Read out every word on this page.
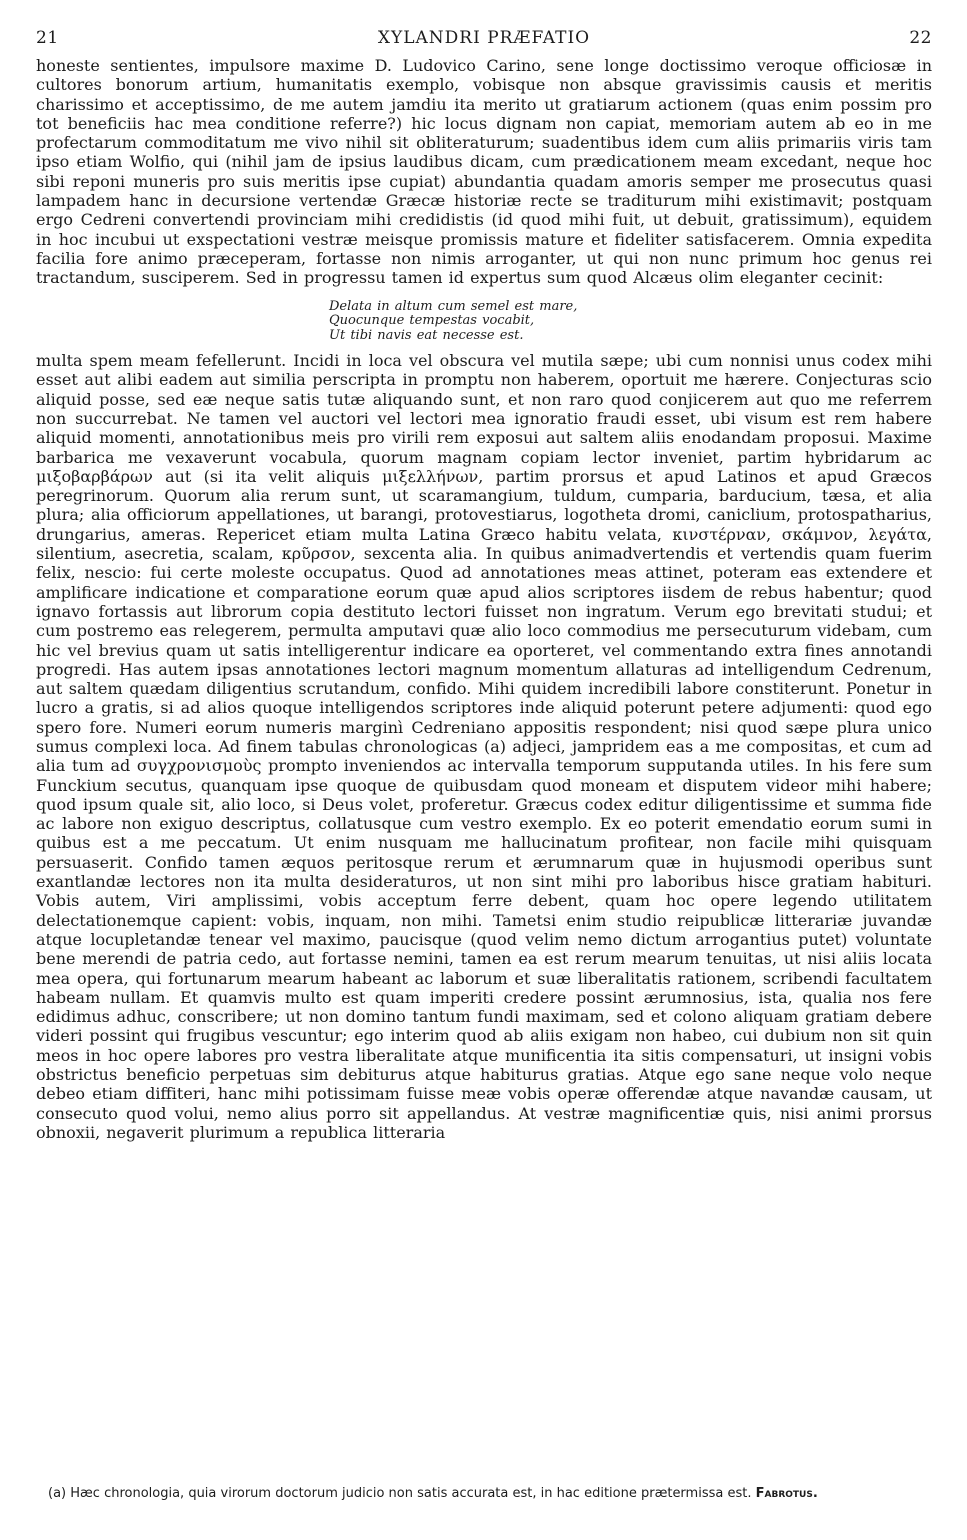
21	XYLANDRI PRÆFATIO	22

honeste sentientes, impulsore maxime D. Ludovico Carino, sene longe doctissimo veroque officiosæ in cultores bonorum artium, humanitatis exemplo, vobisque non absque gravissimis causis et meritis charissimo et acceptissimo, de me autem jamdiu ita merito ut gratiarum actionem (quas enim possim pro tot beneficiis hac mea conditione referre?) hic locus dignam non capiat, memoriam autem ab eo in me profectarum commoditatum me vivo nihil sit obliteraturum; suadentibus idem cum aliis primariis viris tam ipso etiam Wolfio, qui (nihil jam de ipsius laudibus dicam, cum prædicationem meam excedant, neque hoc sibi reponi muneris pro suis meritis ipse cupiat) abundantia quadam amoris semper me prosecutus quasi lampadem hanc in decursione vertendæ Græcæ historiæ recte se traditurum mihi existimavit; postquam ergo Cedreni convertendi provinciam mihi credidistis (id quod mihi fuit, ut debuit, gratissimum), equidem in hoc incubui ut exspectationi vestræ meisque promissis mature et fideliter satisfacerem. Omnia expedita facilia fore animo præceperam, fortasse non nimis arroganter, ut qui non nunc primum hoc genus rei tractandum, susciperem. Sed in progressu tamen id expertus sum quod Alcæus olim eleganter cecinit:

Delata in altum cum semel est mare,
Quocunque tempestas vocabit,
Ut tibi navis eat necesse est.

multa spem meam fefellerunt. Incidi in loca vel obscura vel mutila sæpe; ubi cum nonnisi unus codex mihi esset aut alibi eadem aut similia perscripta in promptu non haberem, oportuit me hærere. Conjecturas scio aliquid posse, sed eæ neque satis tutæ aliquando sunt, et non raro quod conjicerem aut quo me referrem non succurrebat. Ne tamen vel auctori vel lectori mea ignoratio fraudi esset, ubi visum est rem habere aliquid momenti, annotationibus meis pro virili rem exposui aut saltem aliis enodandam proposui. Maxime barbarica me vexaverunt vocabula, quorum magnam copiam lector inveniet, partim hybridarum ac μιξοβαρβάρων aut (si ita velit aliquis μιξελλήνων, partim prorsus et apud Latinos et apud Græcos peregrinorum. Quorum alia rerum sunt, ut scaramangium, tuldum, cumparia, barducium, tæsa, et alia plura; alia officiorum appellationes, ut barangi, protovestiarus, logotheta dromi, caniclium, protospatharius, drungarius, ameras. Repericet etiam multa Latina Græco habitu velata, κινστέρναν, σκάμνον, λεγάτα, silentium, asecretia, scalam, κρῦρσον, sexcenta alia. In quibus animadvertendis et vertendis quam fuerim felix, nescio: fui certe moleste occupatus. Quod ad annotationes meas attinet, poteram eas extendere et amplificare indicatione et comparatione eorum quæ apud alios scriptores iisdem de rebus habentur; quod ignavo fortassis aut librorum copia destituto lectori fuisset non ingratum. Verum ego brevitati studui; et cum postremo eas relegerem, permulta amputavi quæ alio loco commodius me persecuturum videbam, cum hic vel brevius quam ut satis intelligerentur indicare ea oporteret, vel commentando extra fines annotandi progredi. Has autem ipsas annotationes lectori magnum momentum allaturas ad intelligendum Cedrenum, aut saltem quædam diligentius scrutandum, confido. Mihi quidem incredibili labore constiterunt. Ponetur in lucro a gratis, si ad alios quoque intelligendos scriptores inde aliquid poterunt petere adjumenti: quod ego spero fore. Numeri eorum numeris marginì Cedreniano appositis respondent; nisi quod sæpe plura unico sumus complexi loca. Ad finem tabulas chronologicas (a) adjeci, jampridem eas a me compositas, et cum ad alia tum ad συγχρονισμοὺς prompto inveniendos ac intervalla temporum supputanda utiles. In his fere sum Funckium secutus, quanquam ipse quoque de quibusdam quod moneam et disputem videor mihi habere; quod ipsum quale sit, alio loco, si Deus volet, proferetur. Græcus codex editur diligentissime et summa fide ac labore non exiguo descriptus, collatusque cum vestro exemplo. Ex eo poterit emendatio eorum sumi in quibus est a me peccatum. Ut enim nusquam me hallucinatum profitear, non facile mihi quisquam persuaserit. Confido tamen æquos peritosque rerum et ærumnarum quæ in hujusmodi operibus sunt exantlandæ lectores non ita multa desideraturos, ut non sint mihi pro laboribus hisce gratiam habituri. Vobis autem, Viri amplissimi, vobis acceptum ferre debent, quam hoc opere legendo utilitatem delectationemque capient: vobis, inquam, non mihi. Tametsi enim studio reipublicæ litterariæ juvandæ atque locupletandæ tenear vel maximo, paucisque (quod velim nemo dictum arrogantius putet) voluntate bene merendi de patria cedo, aut fortasse nemini, tamen ea est rerum mearum tenuitas, ut nisi aliis locata mea opera, qui fortunarum mearum habeant ac laborum et suæ liberalitatis rationem, scribendi facultatem habeam nullam. Et quamvis multo est quam imperiti credere possint ærumnosius, ista, qualia nos fere edidimus adhuc, conscribere; ut non domino tantum fundi maximam, sed et colono aliquam gratiam debere videri possint qui frugibus vescuntur; ego interim quod ab aliis exigam non habeo, cui dubium non sit quin meos in hoc opere labores pro vestra liberalitate atque munificentia ita sitis compensaturi, ut insigni vobis obstrictus beneficio perpetuas sim debiturus atque habiturus gratias. Atque ego sane neque volo neque debeo etiam diffiteri, hanc mihi potissimam fuisse meæ vobis operæ offerendæ atque navandæ causam, ut consecuto quod volui, nemo alius porro sit appellandus. At vestræ magnificentiæ quis, nisi animi prorsus obnoxii, negaverit plurimum a republica litteraria

(a) Hæc chronologia, quia virorum doctorum judicio non satis accurata est, in hac editione prætermissa est. Fabrotus.
